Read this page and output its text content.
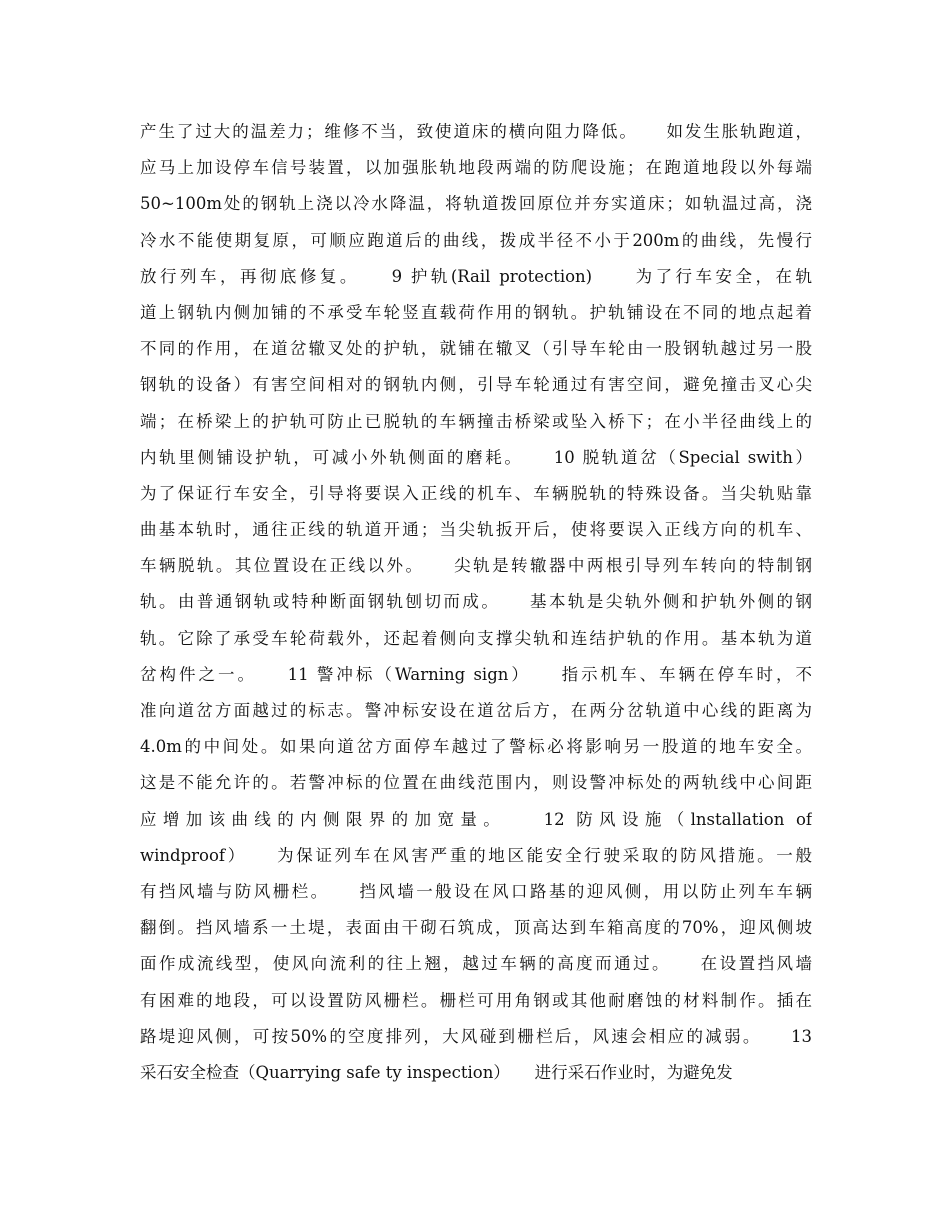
产生了过大的温差力；维修不当，致使道床的横向阻力降低。　　如发生胀轨跑道，
应马上加设停车信号装置，以加强胀轨地段两端的防爬设施；在跑道地段以外每端
50~100m处的钢轨上浇以冷水降温，将轨道拨回原位并夯实道床；如轨温过高，浇
冷水不能使期复原，可顺应跑道后的曲线，拨成半径不小于200m的曲线，先慢行
放行列车，再彻底修复。　　9 护轨(Rail protection)　　为了行车安全，在轨
道上钢轨内侧加铺的不承受车轮竖直载荷作用的钢轨。护轨铺设在不同的地点起着
不同的作用，在道岔辙叉处的护轨，就铺在辙叉（引导车轮由一股钢轨越过另一股
钢轨的设备）有害空间相对的钢轨内侧，引导车轮通过有害空间，避免撞击叉心尖
端；在桥梁上的护轨可防止已脱轨的车辆撞击桥梁或坠入桥下；在小半径曲线上的
内轨里侧铺设护轨，可减小外轨侧面的磨耗。　　10 脱轨道岔（Special swith）
为了保证行车安全，引导将要误入正线的机车、车辆脱轨的特殊设备。当尖轨贴靠
曲基本轨时，通往正线的轨道开通；当尖轨扳开后，使将要误入正线方向的机车、
车辆脱轨。其位置设在正线以外。　　尖轨是转辙器中两根引导列车转向的特制钢
轨。由普通钢轨或特种断面钢轨刨切而成。　　基本轨是尖轨外侧和护轨外侧的钢
轨。它除了承受车轮荷载外，还起着侧向支撑尖轨和连结护轨的作用。基本轨为道
岔构件之一。　　11 警冲标（Warning sign）　　指示机车、车辆在停车时，不
准向道岔方面越过的标志。警冲标安设在道岔后方，在两分岔轨道中心线的距离为
4.0m的中间处。如果向道岔方面停车越过了警标必将影响另一股道的地车安全。
这是不能允许的。若警冲标的位置在曲线范围内，则设警冲标处的两轨线中心间距
应增加该曲线的内侧限界的加宽量。　　12 防风设施（lnstallation of
windproof）　　为保证列车在风害严重的地区能安全行驶采取的防风措施。一般
有挡风墙与防风栅栏。　　挡风墙一般设在风口路基的迎风侧，用以防止列车车辆
翻倒。挡风墙系一土堤，表面由干砌石筑成，顶高达到车箱高度的70%，迎风侧坡
面作成流线型，使风向流利的往上翘，越过车辆的高度而通过。　　在设置挡风墙
有困难的地段，可以设置防风栅栏。栅栏可用角钢或其他耐磨蚀的材料制作。插在
路堤迎风侧，可按50%的空度排列，大风碰到栅栏后，风速会相应的减弱。　　13
采石安全检查（Quarrying safe ty inspection）　　进行采石作业时，为避免发
